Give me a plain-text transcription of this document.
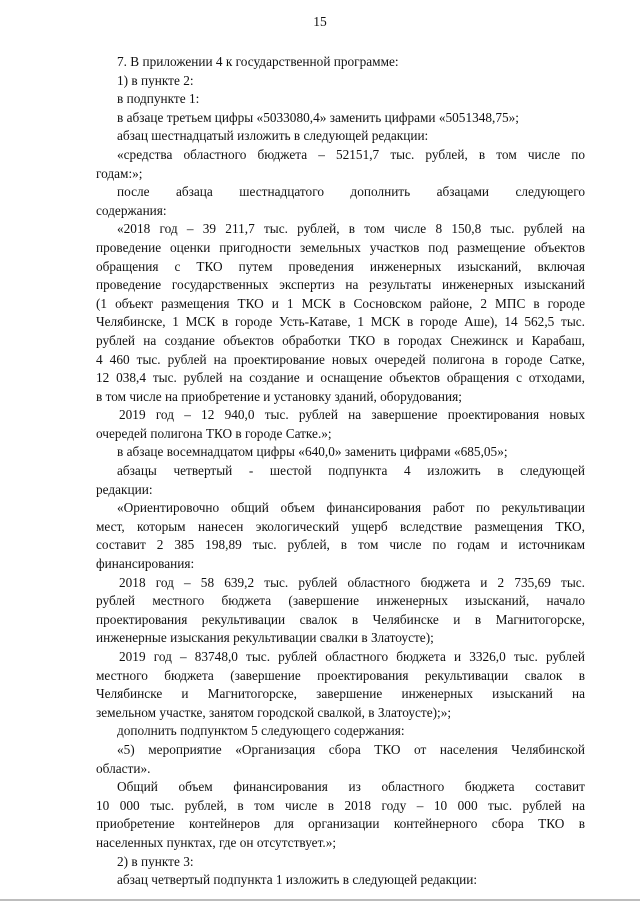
15

7. В приложении 4 к государственной программе:

1) в пункте 2:

в подпункте 1:

в абзаце третьем цифры «5033080,4» заменить цифрами «5051348,75»;

абзац шестнадцатый изложить в следующей редакции:

«средства областного бюджета – 52151,7 тыс. рублей, в том числе по

годам:»;

после абзаца шестнадцатого дополнить абзацами следующего

содержания:

«2018 год – 39 211,7 тыс. рублей, в том числе 8 150,8 тыс. рублей на

проведение оценки пригодности земельных участков под размещение объектов

обращения с ТКО путем проведения инженерных изысканий, включая

проведение государственных экспертиз на результаты инженерных изысканий

(1 объект размещения ТКО и 1 МСК в Сосновском районе, 2 МПС в городе

Челябинске, 1 МСК в городе Усть-Катаве, 1 МСК в городе Аше), 14 562,5 тыс.

рублей на создание объектов обработки ТКО в городах Снежинск и Карабаш,

4 460 тыс. рублей на проектирование новых очередей полигона в городе Сатке,

12 038,4 тыс. рублей на создание и оснащение объектов обращения с отходами,

в том числе на приобретение и установку зданий, оборудования;

2019 год – 12 940,0 тыс. рублей на завершение проектирования новых

очередей полигона ТКО в городе Сатке.»;

в абзаце восемнадцатом цифры «640,0» заменить цифрами «685,05»;

абзацы четвертый - шестой подпункта 4 изложить в следующей

редакции:

«Ориентировочно общий объем финансирования работ по рекультивации

мест, которым нанесен экологический ущерб вследствие размещения ТКО,

составит 2 385 198,89 тыс. рублей, в том числе по годам и источникам

финансирования:

2018 год – 58 639,2 тыс. рублей областного бюджета и 2 735,69 тыс.

рублей местного бюджета (завершение инженерных изысканий, начало

проектирования рекультивации свалок в Челябинске и в Магнитогорске,

инженерные изыскания рекультивации свалки в Златоусте);

2019 год – 83748,0 тыс. рублей областного бюджета и 3326,0 тыс. рублей

местного бюджета (завершение проектирования рекультивации свалок в

Челябинске и Магнитогорске, завершение инженерных изысканий на

земельном участке, занятом городской свалкой, в Златоусте);»;

дополнить подпунктом 5 следующего содержания:

«5) мероприятие «Организация сбора ТКО от населения Челябинской

области».

Общий объем финансирования из областного бюджета составит

10 000 тыс. рублей, в том числе в 2018 году – 10 000 тыс. рублей на

приобретение контейнеров для организации контейнерного сбора ТКО в

населенных пунктах, где он отсутствует.»;

2) в пункте 3:

абзац четвертый подпункта 1 изложить в следующей редакции:
